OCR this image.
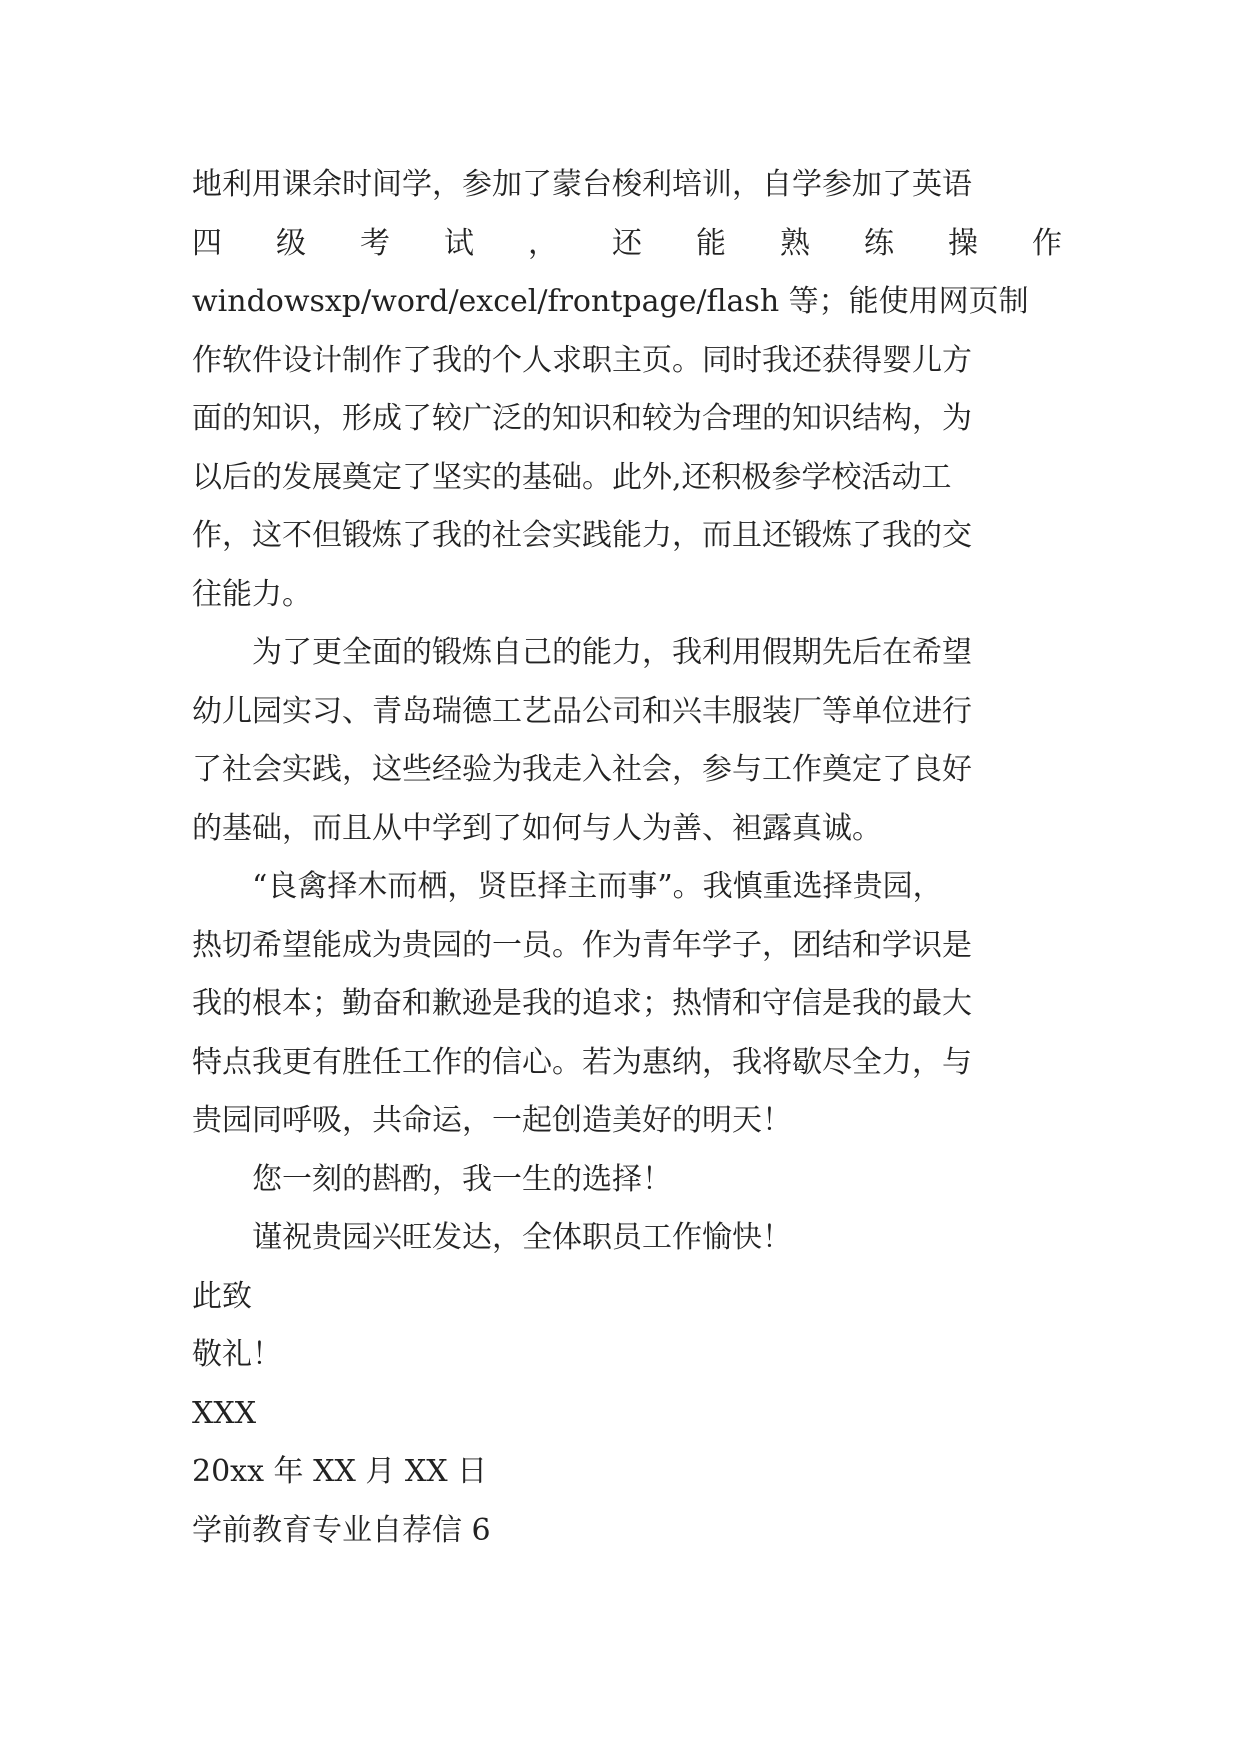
地利用课余时间学，参加了蒙台梭利培训，自学参加了英语
四 级 考 试 ， 还 能 熟 练 操 作
windowsxp/word/excel/frontpage/flash 等；能使用网页制
作软件设计制作了我的个人求职主页。同时我还获得婴儿方
面的知识，形成了较广泛的知识和较为合理的知识结构，为
以后的发展奠定了坚实的基础。此外,还积极参学校活动工
作，这不但锻炼了我的社会实践能力，而且还锻炼了我的交
往能力。
为了更全面的锻炼自己的能力，我利用假期先后在希望
幼儿园实习、青岛瑞德工艺品公司和兴丰服装厂等单位进行
了社会实践，这些经验为我走入社会，参与工作奠定了良好
的基础，而且从中学到了如何与人为善、袒露真诚。
“良禽择木而栖，贤臣择主而事”。我慎重选择贵园，
热切希望能成为贵园的一员。作为青年学子，团结和学识是
我的根本；勤奋和歉逊是我的追求；热情和守信是我的最大
特点我更有胜任工作的信心。若为惠纳，我将歇尽全力，与
贵园同呼吸，共命运，一起创造美好的明天！
您一刻的斟酌，我一生的选择！
谨祝贵园兴旺发达，全体职员工作愉快！
此致
敬礼！
XXX
20xx 年 XX 月 XX 日
学前教育专业自荐信 6
